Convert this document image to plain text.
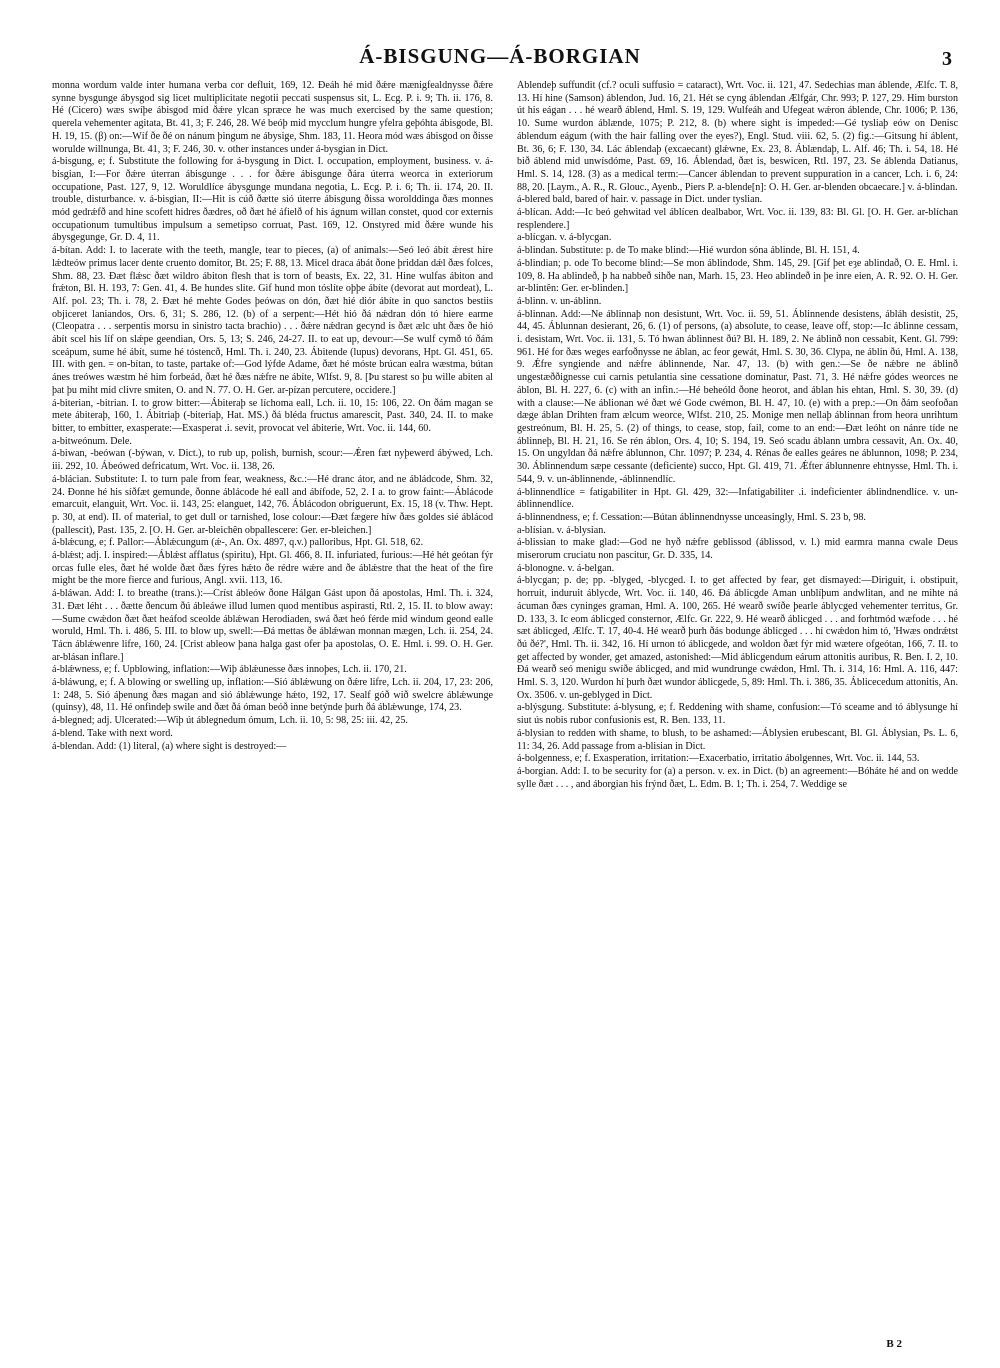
Á-BISGUNG—Á-BORGIAN	3

monna wordum valde inter humana verba cor defluit, 169, 12. Ðeáh hé mid ðǽre mænigfealdnysse ðǽre synne bysgunge ábysgod sig licet multiplicitate negotii peccati suspensus sit, L. Ecg. P. i. 9; Th. ii. 176, 8. Hé (Cicero) wæs swíþe ábisgod mid ðǽre ylcan spræce he was much exercised by the same question; querela vehementer agitata, Bt. 41, 3; F. 246, 28. Wé beóþ mid mycclum hungre yfelra geþóhta ábisgode, Bl. H. 19, 15. (β) on:—Wíf ðe ðé on nánum þingum ne ábysige, Shm. 183, 11. Heora mód wæs ábisgod on ðisse worulde willnunga, Bt. 41, 3; F. 246, 30. v. other instances under á-bysgian in Dict.

á-bisgung, e; f. Substitute the following for á-bysgung in Dict. I. occupation, employment, business. v. á-bisgian, I:—For ðǽre úterran ábisgunge . . . for ðǽre ábisgunge ðára úterra weorca in exteriorum occupatione, Past. 127, 9, 12. Woruldlíce ábysgunge mundana negotia, L. Ecg. P. i. 6; Th. ii. 174, 20. II. trouble, disturbance. v. á-bisgian, II:—Hit is cúð ðætte sió úterre ábisgung ðissa worolddinga ðæs monnes mód gedrǽfð and hine scofett hidres ðædres, oð ðæt hé áfielð of his ágnum willan constet, quod cor externis occupationum tumultibus impulsum a semetipso corruat, Past. 169, 12. Onstyred mid ðǽre wunde his ábysgegunge, Gr. D. 4, 11.

á-bítan. Add: I. to lacerate with the teeth, mangle, tear to pieces, (a) of animals:—Seó leó ábít ǽrest hire lǽdteów primus lacer dente cruento domitor, Bt. 25; F. 88, 13. Micel draca ábát ðone þriddan dǽl ðæs folces, Shm. 88, 23. Ðæt flǽsc ðæt wildro ábiton flesh that is torn of beasts, Ex. 22, 31. Hine wulfas ábiton and frǽton, Bl. H. 193, 7: Gen. 41, 4. Be hundes slite. Gif hund mon tóslíte oþþe ábíte (devorat aut mordeat), L. Alf. pol. 23; Th. i. 78, 2. Ðæt hé mehte Godes þeówas on dón, ðæt hié diór ábíte in quo sanctos bestiis objiceret laniandos, Ors. 6, 31; S. 286, 12. (b) of a serpent:—Hét hió ðá nǽdran dón tó hiere earme (Cleopatra . . . serpentis morsu in sinistro tacta brachio) . . . ðǽre nǽdran gecynd is ðæt ælc uht ðæs ðe hió ábít scel his líf on slǽpe geendian, Ors. 5, 13; S. 246, 24-27. II. to eat up, devour:—Se wulf cymð tó ðám sceápum, sume hé ábít, sume hé tóstencð, Hml. Th. i. 240, 23. Ábitende (lupus) devorans, Hpt. Gl. 451, 65. III. with gen. = on-bítan, to taste, partake of:—God lýfde Adame, ðæt hé móste brúcan ealra wæstma, bútan ánes treówes wæstm hé him forbeád, ðæt hé ðæs nǽfre ne ábíte, Wlfst. 9, 8. [Þu starest so þu wille abiten al þat þu miht mid clivre smiten, O. and N. 77. O. H. Ger. ar-pízan percutere, occidere.]

á-biterian, -bitrian. I. to grow bitter:—Ábiteraþ se líchoma eall, Lch. ii. 10, 15: 106, 22. On ðám magan se mete ábiteraþ, 160, 1. Ábitriaþ (-biteriaþ, Hat. MS.) ðá bléda fructus amarescit, Past. 340, 24. II. to make bitter, to embitter, exasperate:—Exasperat .i. sevit, provocat vel ábiterie, Wrt. Voc. ii. 144, 60.

a-bitweónum. Dele.

á-biwan, -beówan (-býwan, v. Dict.), to rub up, polish, burnish, scour:—Ǽren fæt nyþewerd ábýwed, Lch. iii. 292, 10. Ábeówed defricatum, Wrt. Voc. ii. 138, 26.

á-blácian. Substitute: I. to turn pale from fear, weakness, &c.:—Hé dranc átor, and ne ábládcode, Shm. 32, 24. Ðonne hé his síðfæt gemunde, ðonne áblácode hé eall and ábífode, 52, 2. I a. to grow faint:—Áblácode emarcuit, elanguit, Wrt. Voc. ii. 143, 25: elanguet, 142, 76. Áblácodon obriguerunt, Ex. 15, 18 (v. Thw. Hept. p. 30, at end). II. of material, to get dull or tarnished, lose colour:—Ðæt fægere híw ðæs goldes sié áblácod (pallescit), Past. 135, 2. [O. H. Ger. ar-bleichên obpallescere: Ger. er-bleichen.]

á-blǽcung, e; f. Pallor:—Áblǽcungum (ǽ-, An. Ox. 4897, q.v.) palloribus, Hpt. Gl. 518, 62.

á-blǽst; adj. I. inspired:—Áblǽst afflatus (spiritu), Hpt. Gl. 466, 8. II. infuriated, furious:—Hé hét geótan fýr orcas fulle eles, ðæt hé wolde ðæt ðæs fýres hǽto ðe rédre wǽre and ðe áblǽstre that the heat of the fire might be the more fierce and furious, Angl. xvii. 113, 16.

á-bláwan. Add: I. to breathe (trans.):—Críst ábleów ðone Hálgan Gást upon ðá apostolas, Hml. Th. i. 324, 31. Ðæt léht . . . ðætte ðencum ðú ábleáwe illud lumen quod mentibus aspirasti, Rtl. 2, 15. II. to blow away:—Sume cwǽdon ðæt ðæt heáfod sceolde áblǽwan Herodiaden, swá ðæt heó férde mid windum geond ealle woruld, Hml. Th. i. 486, 5. III. to blow up, swell:—Ðá mettas ðe áblǽwan monnan mægen, Lch. ii. 254, 24. Tácn áblǽwenre lifre, 160, 24. [Crist ableow þana halga gast ofer þa apostolas, O. E. Hml. i. 99. O. H. Ger. ar-blásan inflare.]

á-blǽwness, e; f. Upblowing, inflation:—Wiþ áblǽunesse ðæs innoþes, Lch. ii. 170, 21.

á-bláwung, e; f. A blowing or swelling up, inflation:—Sió áblǽwung on ðǽre lifre, Lch. ii. 204, 17, 23: 206, 1: 248, 5. Sió áþenung ðæs magan and sió áblǽwunge hǽto, 192, 17. Sealf góð wið swelcre áblǽwunge (quinsy), 48, 11. Hé onfindeþ swile and ðæt ðá óman beóð inne betýnde þurh ðá áblǽwunge, 174, 23.

á-blegned; adj. Ulcerated:—Wiþ út áblegnedum ómum, Lch. ii. 10, 5: 98, 25: iii. 42, 25.

á-blend. Take with next word.

á-blendan. Add: (1) literal, (a) where sight is destroyed:—

Áblendeþ suffundit (cf.? oculi suffusio = cataract), Wrt. Voc. ii. 121, 47. Sedechias man áblende, Ælfc. T. 8, 13. Hí hine (Samson) áblendon, Jud. 16, 21. Hét se cyng áblendan Ælfgár, Chr. 993; P. 127, 29. Him burston út his eágan . . . hé wearð áblend, Hml. S. 19, 129. Wulfeáh and Ufegeat wǽron áblende, Chr. 1006; P. 136, 10. Sume wurdon áblænde, 1075; P. 212, 8. (b) where sight is impeded:—Gé tysliaþ eów on Denisc áblendum eágum (with the hair falling over the eyes?), Engl. Stud. viii. 62, 5. (2) fig.:—Gitsung hí áblent, Bt. 36, 6; F. 130, 34. Lác áblendaþ (excaecant) glǽwne, Ex. 23, 8. Áblændaþ, L. Alf. 46; Th. i. 54, 18. Hé bið áblend mid unwísdóme, Past. 69, 16. Áblendad, ðæt is, beswicen, Rtl. 197, 23. Se áblenda Datianus, Hml. S. 14, 128. (3) as a medical term:—Cancer áblendan to prevent suppuration in a cancer, Lch. i. 6, 24: 88, 20. [Laym., A. R., R. Glouc., Ayenb., Piers P. a-blende[n]: O. H. Ger. ar-blenden obcaecare.] v. á-blindan.

á-blered bald, bared of hair. v. passage in Dict. under tyslian.

á-blícan. Add:—Ic beó gehwitad vel áblícen dealbabor, Wrt. Voc. ii. 139, 83: Bl. Gl. [O. H. Ger. ar-blíchan resplendere.]

a-blícgan. v. á-blycgan.

á-blindan. Substitute: p. de To make blind:—Hié wurdon sóna áblinde, Bl. H. 151, 4.

á-blindian; p. ode To become blind:—Se mon áblindode, Shm. 145, 29. [Gif þet eȝe ablindað, O. E. Hml. i. 109, 8. Ha ablindeð, þ ha nabbeð sihðe nan, Marh. 15, 23. Heo ablindeð in þe inre eien, A. R. 92. O. H. Ger. ar-blintên: Ger. er-blinden.]

á-blinn. v. un-áblinn.

á-blinnan. Add:—Ne áblinnaþ non desistunt, Wrt. Voc. ii. 59, 51. Áblinnende desistens, ábláh desistit, 25, 44, 45. Áblunnan desierant, 26, 6. (1) of persons, (a) absolute, to cease, leave off, stop:—Ic áblinne cessam, i. desistam, Wrt. Voc. ii. 131, 5. Tó hwan áblinnest ðú? Bl. H. 189, 2. Ne áblinð non cessabit, Kent. Gl. 799: 961. Hé for ðæs weges earfoðnysse ne áblan, ac feor gewát, Hml. S. 30, 36. Clypa, ne áblin ðú, Hml. A. 138, 9. Ǽfre syngiende and nǽfre áblinnende, Nar. 47, 13. (b) with gen.:—Se ðe nǽbre ne áblinð ungestæððignesse cui carnis petulantia sine cessatione dominatur, Past. 71, 3. Hé nǽfre gódes weorces ne áblon, Bl. H. 227, 6. (c) with an infin.:—Hé beheóld ðone heorot, and áblan his ehtan, Hml. S. 30, 39. (d) with a clause:—Ne áblionan wé ðæt wé Gode cwémon, Bl. H. 47, 10. (e) with a prep.:—On ðám seofoðan dæge áblan Drihten fram ælcum weorce, Wlfst. 210, 25. Monige men nellaþ áblinnan from heora unrihtum gestreónum, Bl. H. 25, 5. (2) of things, to cease, stop, fail, come to an end:—Ðæt leóht on nánre tíde ne áblinneþ, Bl. H. 21, 16. Se rén áblon, Ors. 4, 10; S. 194, 19. Seó scadu áblann umbra cessavit, An. Ox. 40, 15. On ungyldan ðá nǽfre áblunnon, Chr. 1097; P. 234, 4. Rénas ðe ealles geáres ne áblunnon, 1098; P. 234, 30. Áblinnendum sæpe cessante (deficiente) succo, Hpt. Gl. 419, 71. Ǽfter áblunnenre ehtnysse, Hml. Th. i. 544, 9. v. un-áblinnende, -áblinnendlíc.

á-blinnendlíce = fatigabiliter in Hpt. Gl. 429, 32:—Infatigabiliter .i. indeficienter áblindnendlíce. v. un-áblinnendlíce.

á-blinnendness, e; f. Cessation:—Bútan áblinnendnysse unceasingly, Hml. S. 23 b, 98.

a-blísian. v. á-blysian.

á-blissian to make glad:—God ne hyð nǽfre geblissod (áblissod, v. l.) mid earmra manna cwale Deus miserorum cruciatu non pascitur, Gr. D. 335, 14.

á-blonogne. v. á-belgan.

á-blycgan; p. de; pp. -blyged, -blycged. I. to get affected by fear, get dismayed:—Diriguit, i. obstipuit, horruit, induruit áblycde, Wrt. Voc. ii. 140, 46. Ðá áblicgde Aman unblíþum andwlitan, and ne mihte ná ácuman ðæs cyninges graman, Hml. A. 100, 265. Hé wearð swíðe þearle áblycged vehementer territus, Gr. D. 133, 3. Ic eom áblicged consternor, Ælfc. Gr. 222, 9. Hé wearð áblicged . . . and forhtmód wæfode . . . hé sæt áblicged, Ælfc. T. 17, 40-4. Hé wearð þurh ðás bodunge áblicged . . . hí cwǽdon him tó, 'Hwæs ondrǽtst ðú ðé?', Hml. Th. ii. 342, 16. Hí urnon tó áblicgede, and woldon ðæt fýr mid wætere ofgeótan, 166, 7. II. to get affected by wonder, get amazed, astonished:—Mid áblicgendum eárum attonitis auribus, R. Ben. I. 2, 10. Ðá wearð seó menigu swíðe áblicged, and mid wundrunge cwǽdon, Hml. Th. i. 314, 16: Hml. A. 116, 447: Hml. S. 3, 120. Wurdon hí þurh ðæt wundor áblicgede, 5, 89: Hml. Th. i. 386, 35. Áblicecedum attonitis, An. Ox. 3506. v. un-geblyged in Dict.

a-blýsgung. Substitute: á-blysung, e; f. Reddening with shame, confusion:—Tó sceame and tó áblysunge hí siut ús nobis rubor confusionis est, R. Ben. 133, 11.

á-blysian to redden with shame, to blush, to be ashamed:—Áblysien erubescant, Bl. Gl. Áblysian, Ps. L. 6, 11: 34, 26. Add passage from a-blisian in Dict.

á-bolgenness, e; f. Exasperation, irritation:—Exacerbatio, irritatio ábolgennes, Wrt. Voc. ii. 144, 53.

á-borgian. Add: I. to be security for (a) a person. v. ex. in Dict. (b) an agreement:—Bóháte hé and on wedde sylle ðæt . . . , and áborgian his frýnd ðæt, L. Edm. B. 1; Th. i. 254, 7. Weddige se

B 2
